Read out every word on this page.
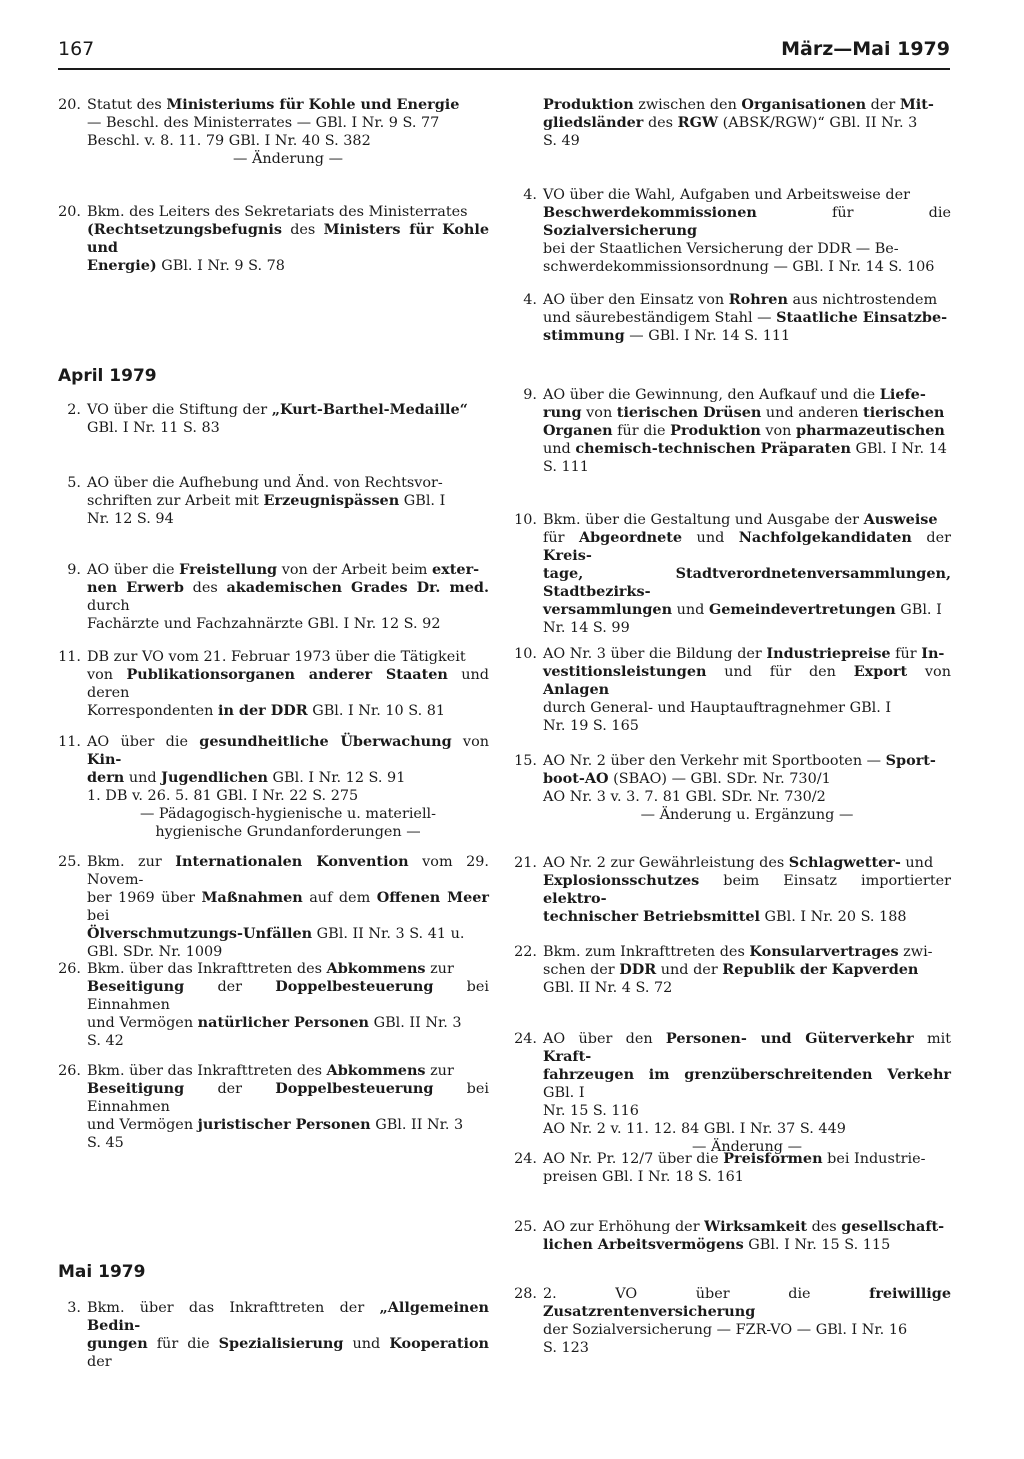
167	März—Mai 1979
20. Statut des Ministeriums für Kohle und Energie
— Beschl. des Ministerrates — GBl. I Nr. 9 S. 77
Beschl. v. 8. 11. 79 GBl. I Nr. 40 S. 382
— Änderung —
20. Bkm. des Leiters des Sekretariats des Ministerrates
(Rechtsetzungsbefugnis des Ministers für Kohle und
Energie) GBl. I Nr. 9 S. 78
April 1979
2. VO über die Stiftung der „Kurt-Barthel-Medaille“
GBl. I Nr. 11 S. 83
5. AO über die Aufhebung und Änd. von Rechtsvor-
schriften zur Arbeit mit Erzeugnispässen GBl. I
Nr. 12 S. 94
9. AO über die Freistellung von der Arbeit beim exter-
nen Erwerb des akademischen Grades Dr. med. durch
Fachärzte und Fachzahnärzte GBl. I Nr. 12 S. 92
11. DB zur VO vom 21. Februar 1973 über die Tätigkeit
von Publikationsorganen anderer Staaten und deren
Korrespondenten in der DDR GBl. I Nr. 10 S. 81
11. AO über die gesundheitliche Überwachung von Kin-
dern und Jugendlichen GBl. I Nr. 12 S. 91
1. DB v. 26. 5. 81 GBl. I Nr. 22 S. 275
— Pädagogisch-hygienische u. materiell-
hygienische Grundanforderungen —
25. Bkm. zur Internationalen Konvention vom 29. Novem-
ber 1969 über Maßnahmen auf dem Offenen Meer bei
Ölverschmutzungs-Unfällen GBl. II Nr. 3 S. 41 u.
GBl. SDr. Nr. 1009
26. Bkm. über das Inkrafttreten des Abkommens zur
Beseitigung der Doppelbesteuerung bei Einnahmen
und Vermögen natürlicher Personen GBl. II Nr. 3
S. 42
26. Bkm. über das Inkrafttreten des Abkommens zur
Beseitigung der Doppelbesteuerung bei Einnahmen
und Vermögen juristischer Personen GBl. II Nr. 3
S. 45
Mai 1979
3. Bkm. über das Inkrafttreten der „Allgemeinen Bedin-
gungen für die Spezialisierung und Kooperation der
Produktion zwischen den Organisationen der Mit-
gliedsländer des RGW (ABSK/RGW)“ GBl. II Nr. 3
S. 49
4. VO über die Wahl, Aufgaben und Arbeitsweise der
Beschwerdekommissionen für die Sozialversicherung
bei der Staatlichen Versicherung der DDR — Be-
schwerdekommissionsordnung — GBl. I Nr. 14 S. 106
4. AO über den Einsatz von Rohren aus nichtrostendem
und säurebeständigem Stahl — Staatliche Einsatzbe-
stimmung — GBl. I Nr. 14 S. 111
9. AO über die Gewinnung, den Aufkauf und die Liefe-
rung von tierischen Drüsen und anderen tierischen
Organen für die Produktion von pharmazeutischen
und chemisch-technischen Präparaten GBl. I Nr. 14
S. 111
10. Bkm. über die Gestaltung und Ausgabe der Ausweise
für Abgeordnete und Nachfolgekandidaten der Kreis-
tage, Stadtverordnetenversammlungen, Stadtbezirks-
versammlungen und Gemeindevertretungen GBl. I
Nr. 14 S. 99
10. AO Nr. 3 über die Bildung der Industriepreise für In-
vestitionsleistungen und für den Export von Anlagen
durch General- und Hauptauftragnehmer GBl. I
Nr. 19 S. 165
15. AO Nr. 2 über den Verkehr mit Sportbooten — Sport-
boot-AO (SBAO) — GBl. SDr. Nr. 730/1
AO Nr. 3 v. 3. 7. 81 GBl. SDr. Nr. 730/2
— Änderung u. Ergänzung —
21. AO Nr. 2 zur Gewährleistung des Schlagwetter- und
Explosionsschutzes beim Einsatz importierter elektro-
technischer Betriebsmittel GBl. I Nr. 20 S. 188
22. Bkm. zum Inkrafttreten des Konsularvertrages zwi-
schen der DDR und der Republik der Kapverden
GBl. II Nr. 4 S. 72
24. AO über den Personen- und Güterverkehr mit Kraft-
fahrzeugen im grenzüberschreitenden Verkehr GBl. I
Nr. 15 S. 116
AO Nr. 2 v. 11. 12. 84 GBl. I Nr. 37 S. 449
— Änderung —
24. AO Nr. Pr. 12/7 über die Preisformen bei Industrie-
preisen GBl. I Nr. 18 S. 161
25. AO zur Erhöhung der Wirksamkeit des gesellschaft-
lichen Arbeitsvermögens GBl. I Nr. 15 S. 115
28. 2. VO über die freiwillige Zusatzrentenversicherung
der Sozialversicherung — FZR-VO — GBl. I Nr. 16
S. 123
